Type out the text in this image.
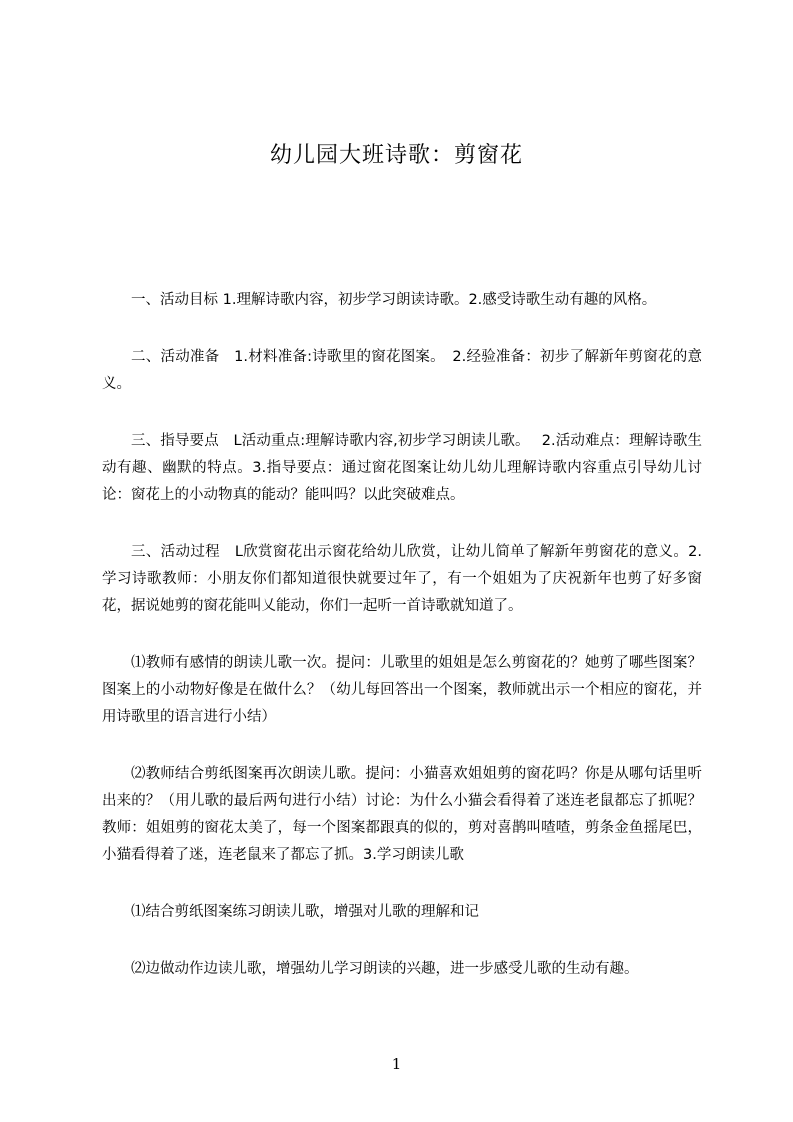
幼儿园大班诗歌：剪窗花

一、活动目标 1.理解诗歌内容，初步学习朗读诗歌。2.感受诗歌生动有趣的风格。

二、活动准备　1.材料准备:诗歌里的窗花图案。　2.经验准备：初步了解新年剪窗花的意义。

三、指导要点　L活动重点:理解诗歌内容,初步学习朗读儿歌。　 2.活动难点：理解诗歌生动有趣、幽默的特点。3.指导要点：通过窗花图案让幼儿幼儿理解诗歌内容重点引导幼儿讨论：窗花上的小动物真的能动？能叫吗？以此突破难点。

三、活动过程　L欣赏窗花出示窗花给幼儿欣赏，让幼儿简单了解新年剪窗花的意义。2.学习诗歌教师：小朋友你们都知道很快就要过年了，有一个姐姐为了庆祝新年也剪了好多窗花，据说她剪的窗花能叫乂能动，你们一起听一首诗歌就知道了。

⑴教师有感情的朗读儿歌一次。提问：儿歌里的姐姐是怎么剪窗花的？她剪了哪些图案？图案上的小动物好像是在做什么？（幼儿每回答出一个图案，教师就出示一个相应的窗花，并用诗歌里的语言进行小结）

⑵教师结合剪纸图案再次朗读儿歌。提问：小猫喜欢姐姐剪的窗花吗？你是从哪句话里听出来的？（用儿歌的最后两句进行小结）讨论：为什么小猫会看得着了迷连老鼠都忘了抓呢？教师：姐姐剪的窗花太美了，每一个图案都跟真的似的，剪对喜鹊叫喳喳，剪条金鱼摇尾巴，小猫看得着了迷，连老鼠来了都忘了抓。3.学习朗读儿歌

⑴结合剪纸图案练习朗读儿歌，增强对儿歌的理解和记

⑵边做动作边读儿歌，增强幼儿学习朗读的兴趣，进一步感受儿歌的生动有趣。

1
